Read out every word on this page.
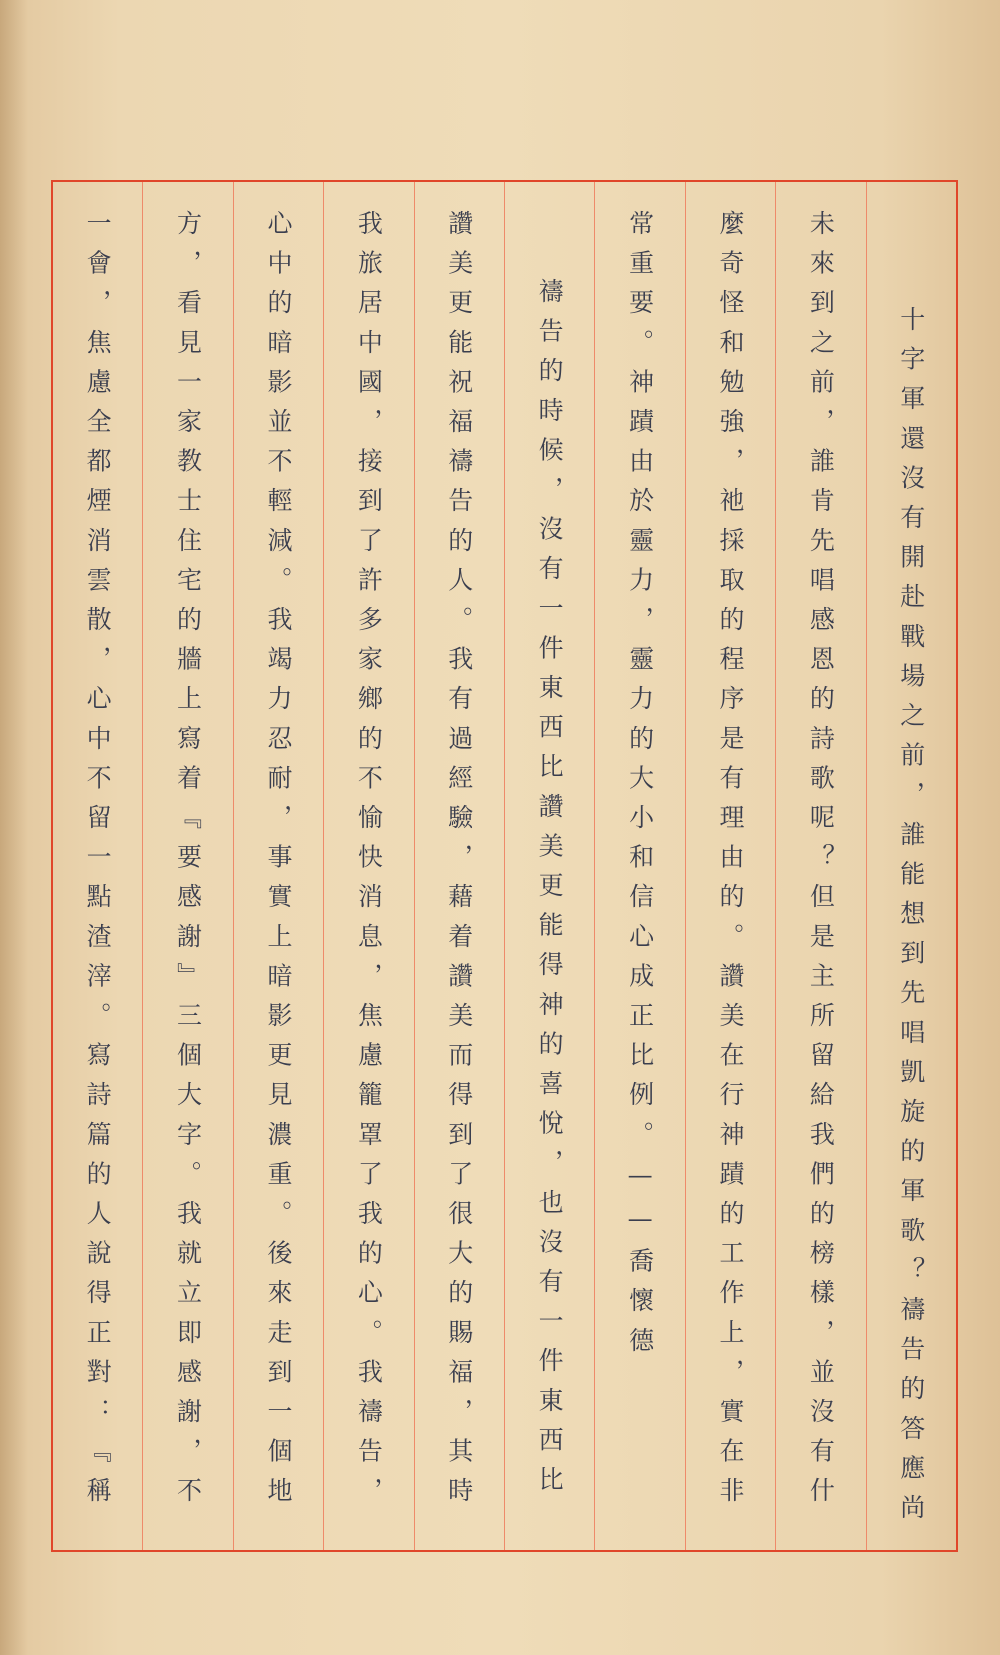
十字軍還沒有開赴戰場之前，誰能想到先唱凱旋的軍歌？禱告的答應尚
未來到之前，誰肯先唱感恩的詩歌呢？但是主所留給我們的榜樣，並沒有什
麼奇怪和勉強，祂採取的程序是有理由的。讚美在行神蹟的工作上，實在非
常重要。神蹟由於靈力，靈力的大小和信心成正比例。——喬懷德
禱告的時候，沒有一件東西比讚美更能得神的喜悅，也沒有一件東西比
讚美更能祝福禱告的人。我有過經驗，藉着讚美而得到了很大的賜福，其時
我旅居中國，接到了許多家鄉的不愉快消息，焦慮籠罩了我的心。我禱告，
心中的暗影並不輕減。我竭力忍耐，事實上暗影更見濃重。後來走到一個地
方，看見一家教士住宅的牆上寫着『要感謝』三個大字。我就立即感謝，不
一會，焦慮全都煙消雲散，心中不留一點渣滓。寫詩篇的人說得正對：『稱
